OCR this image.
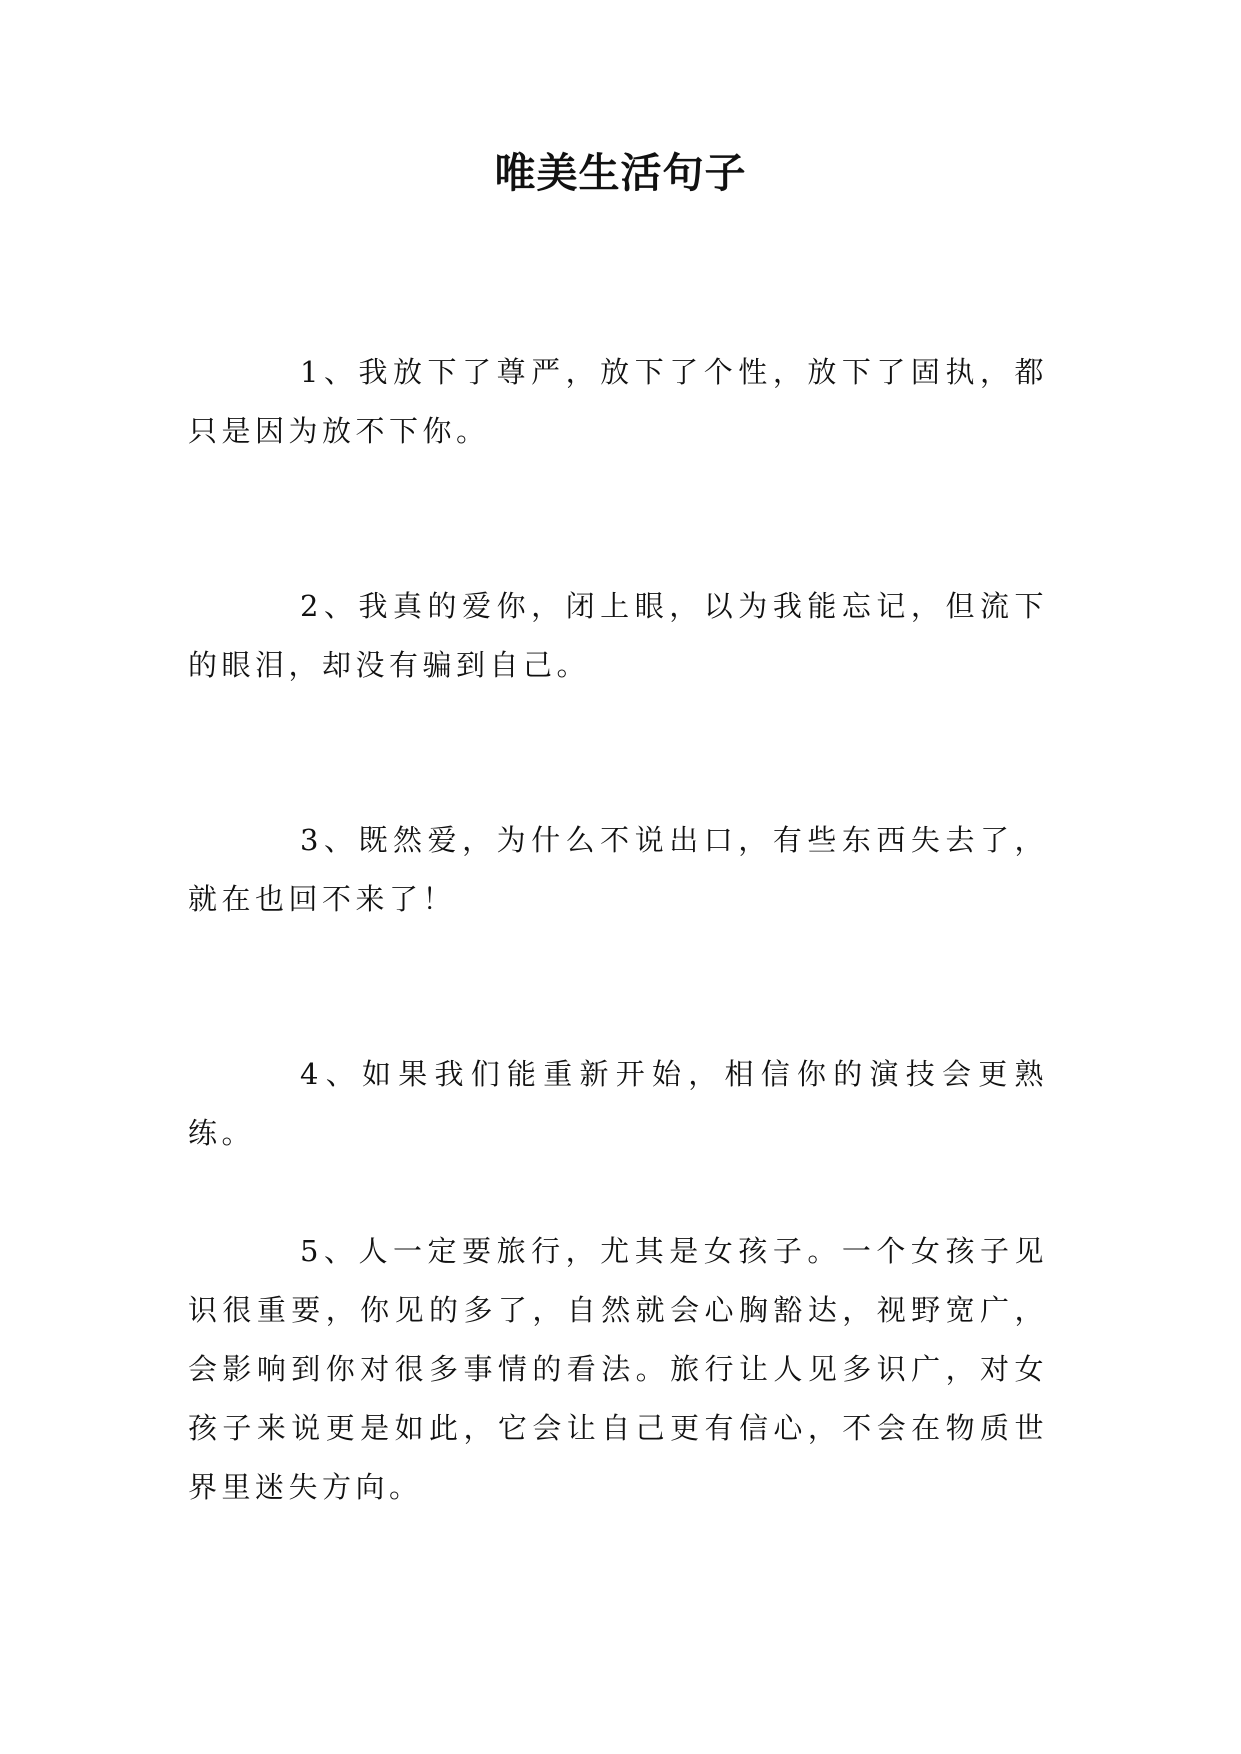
唯美生活句子

1、我放下了尊严，放下了个性，放下了固执，都只是因为放不下你。

2、我真的爱你，闭上眼，以为我能忘记，但流下的眼泪，却没有骗到自己。

3、既然爱，为什么不说出口，有些东西失去了，就在也回不来了！

4、如果我们能重新开始，相信你的演技会更熟练。

5、人一定要旅行，尤其是女孩子。一个女孩子见识很重要，你见的多了，自然就会心胸豁达，视野宽广，会影响到你对很多事情的看法。旅行让人见多识广，对女孩子来说更是如此，它会让自己更有信心，不会在物质世界里迷失方向。
